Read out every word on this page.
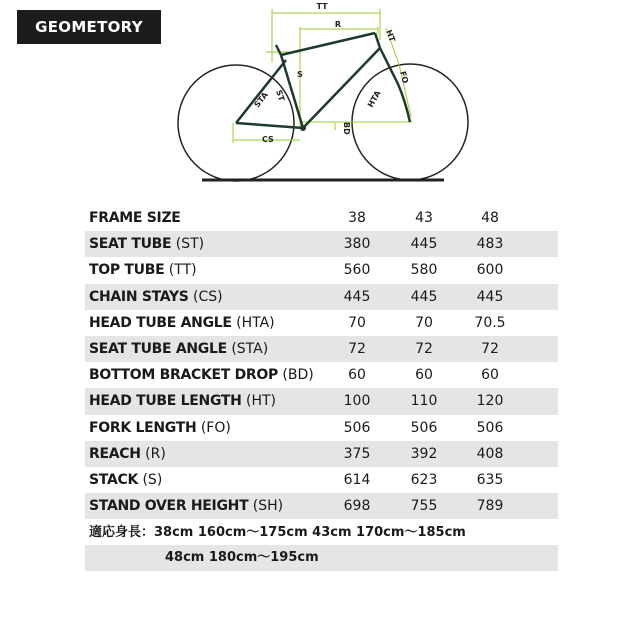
GEOMETORY
TT
R
HT
FO
HTA
S
STA ST
CS
BD
FRAME SIZE	38	43	48	
SEAT TUBE (ST)	380	445	483	
TOP TUBE (TT)	560	580	600	
CHAIN STAYS (CS)	445	445	445	
HEAD TUBE ANGLE (HTA)	70	70	70.5	
SEAT TUBE ANGLE (STA)	72	72	72	
BOTTOM BRACKET DROP (BD)	60	60	60	
HEAD TUBE LENGTH (HT)	100	110	120	
FORK LENGTH (FO)	506	506	506	
REACH (R)	375	392	408	
STACK (S)	614	623	635	
STAND OVER HEIGHT (SH)	698	755	789	
適応身長：38cm 160cm〜175cm 43cm 170cm〜185cm
48cm 180cm〜195cm
